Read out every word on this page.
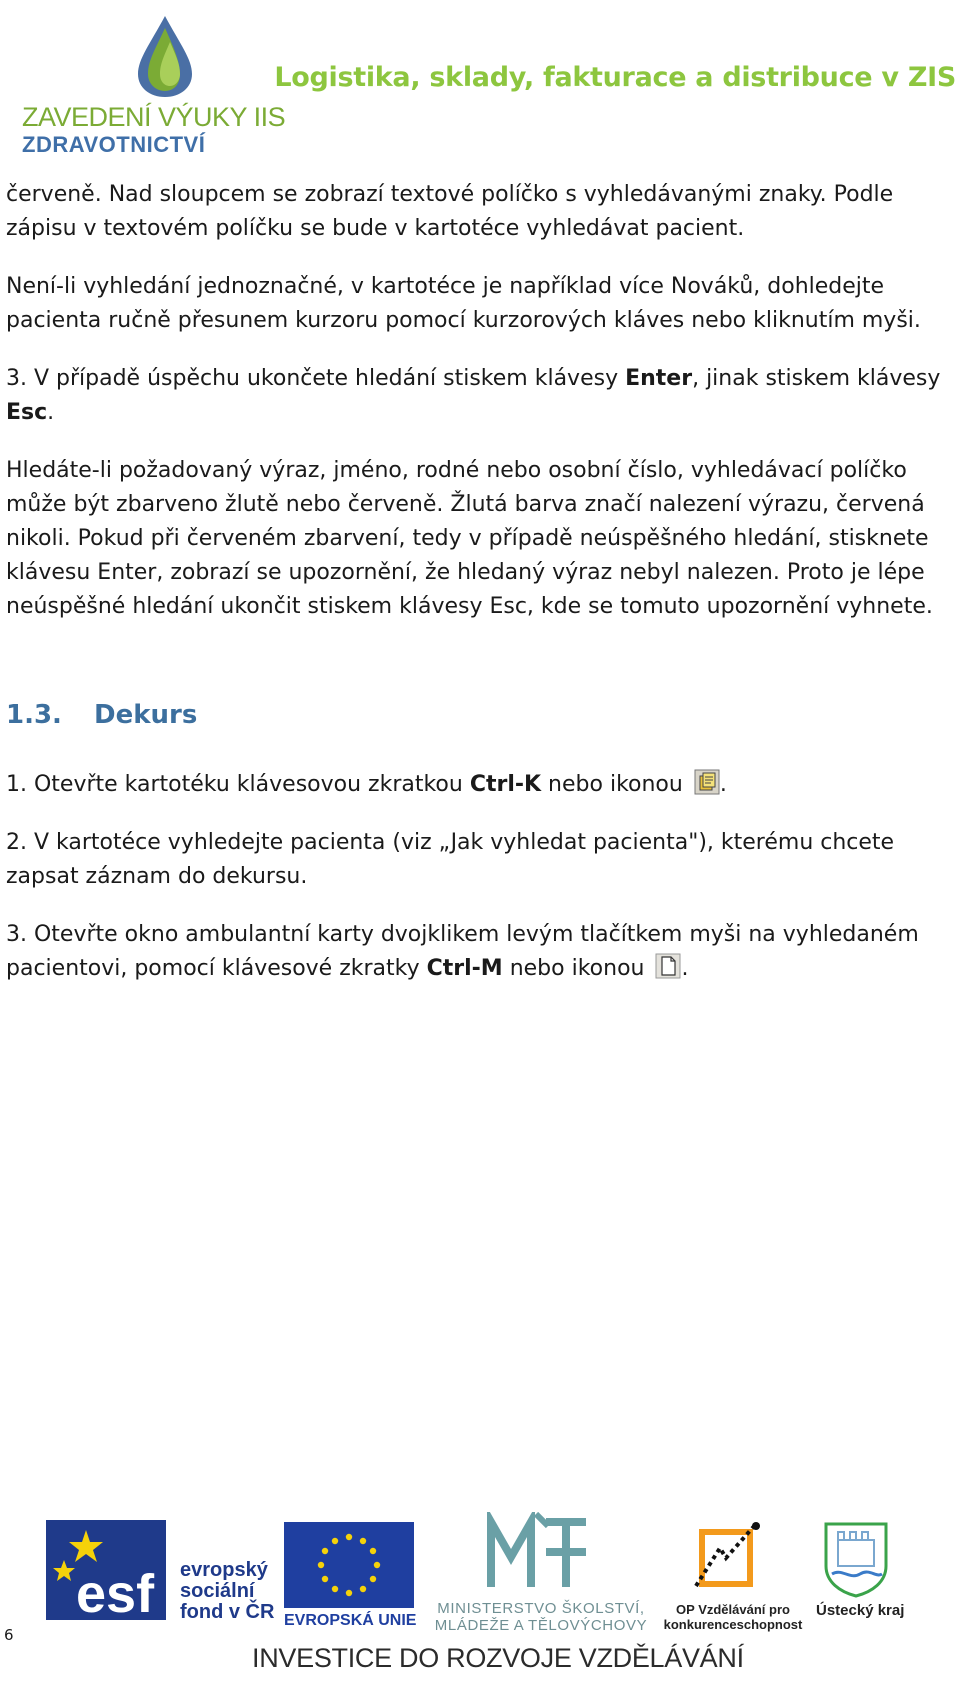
ZAVEDENÍ VÝUKY IIS
ZDRAVOTNICTVÍ
Logistika, sklady, fakturace a distribuce v ZIS

červeně. Nad sloupcem se zobrazí textové políčko s vyhledávanými znaky. Podle zápisu v textovém políčku se bude v kartotéce vyhledávat pacient.

Není-li vyhledání jednoznačné, v kartotéce je například více Nováků, dohledejte pacienta ručně přesunem kurzoru pomocí kurzorových kláves nebo kliknutím myši.

3. V případě úspěchu ukončete hledání stiskem klávesy Enter, jinak stiskem klávesy Esc.

Hledáte-li požadovaný výraz, jméno, rodné nebo osobní číslo, vyhledávací políčko může být zbarveno žlutě nebo červeně. Žlutá barva značí nalezení výrazu, červená nikoli. Pokud při červeném zbarvení, tedy v případě neúspěšného hledání, stisknete klávesu Enter, zobrazí se upozornění, že hledaný výraz nebyl nalezen. Proto je lépe neúspěšné hledání ukončit stiskem klávesy Esc, kde se tomuto upozornění vyhnete.

1.3. Dekurs

1. Otevřte kartotéku klávesovou zkratkou Ctrl-K nebo ikonou .

2. V kartotéce vyhledejte pacienta (viz „Jak vyhledat pacienta"), kterému chcete zapsat záznam do dekursu.

3. Otevřte okno ambulantní karty dvojklikem levým tlačítkem myši na vyhledaném pacientovi, pomocí klávesové zkratky Ctrl-M nebo ikonou .

esf evropský sociální fond v ČR EVROPSKÁ UNIE
MINISTERSTVO ŠKOLSTVÍ, MLÁDEŽE A TĚLOVÝCHOVY
OP Vzdělávání pro konkurenceschopnost
Ústecký kraj
6
INVESTICE DO ROZVOJE VZDĚLÁVÁNÍ
